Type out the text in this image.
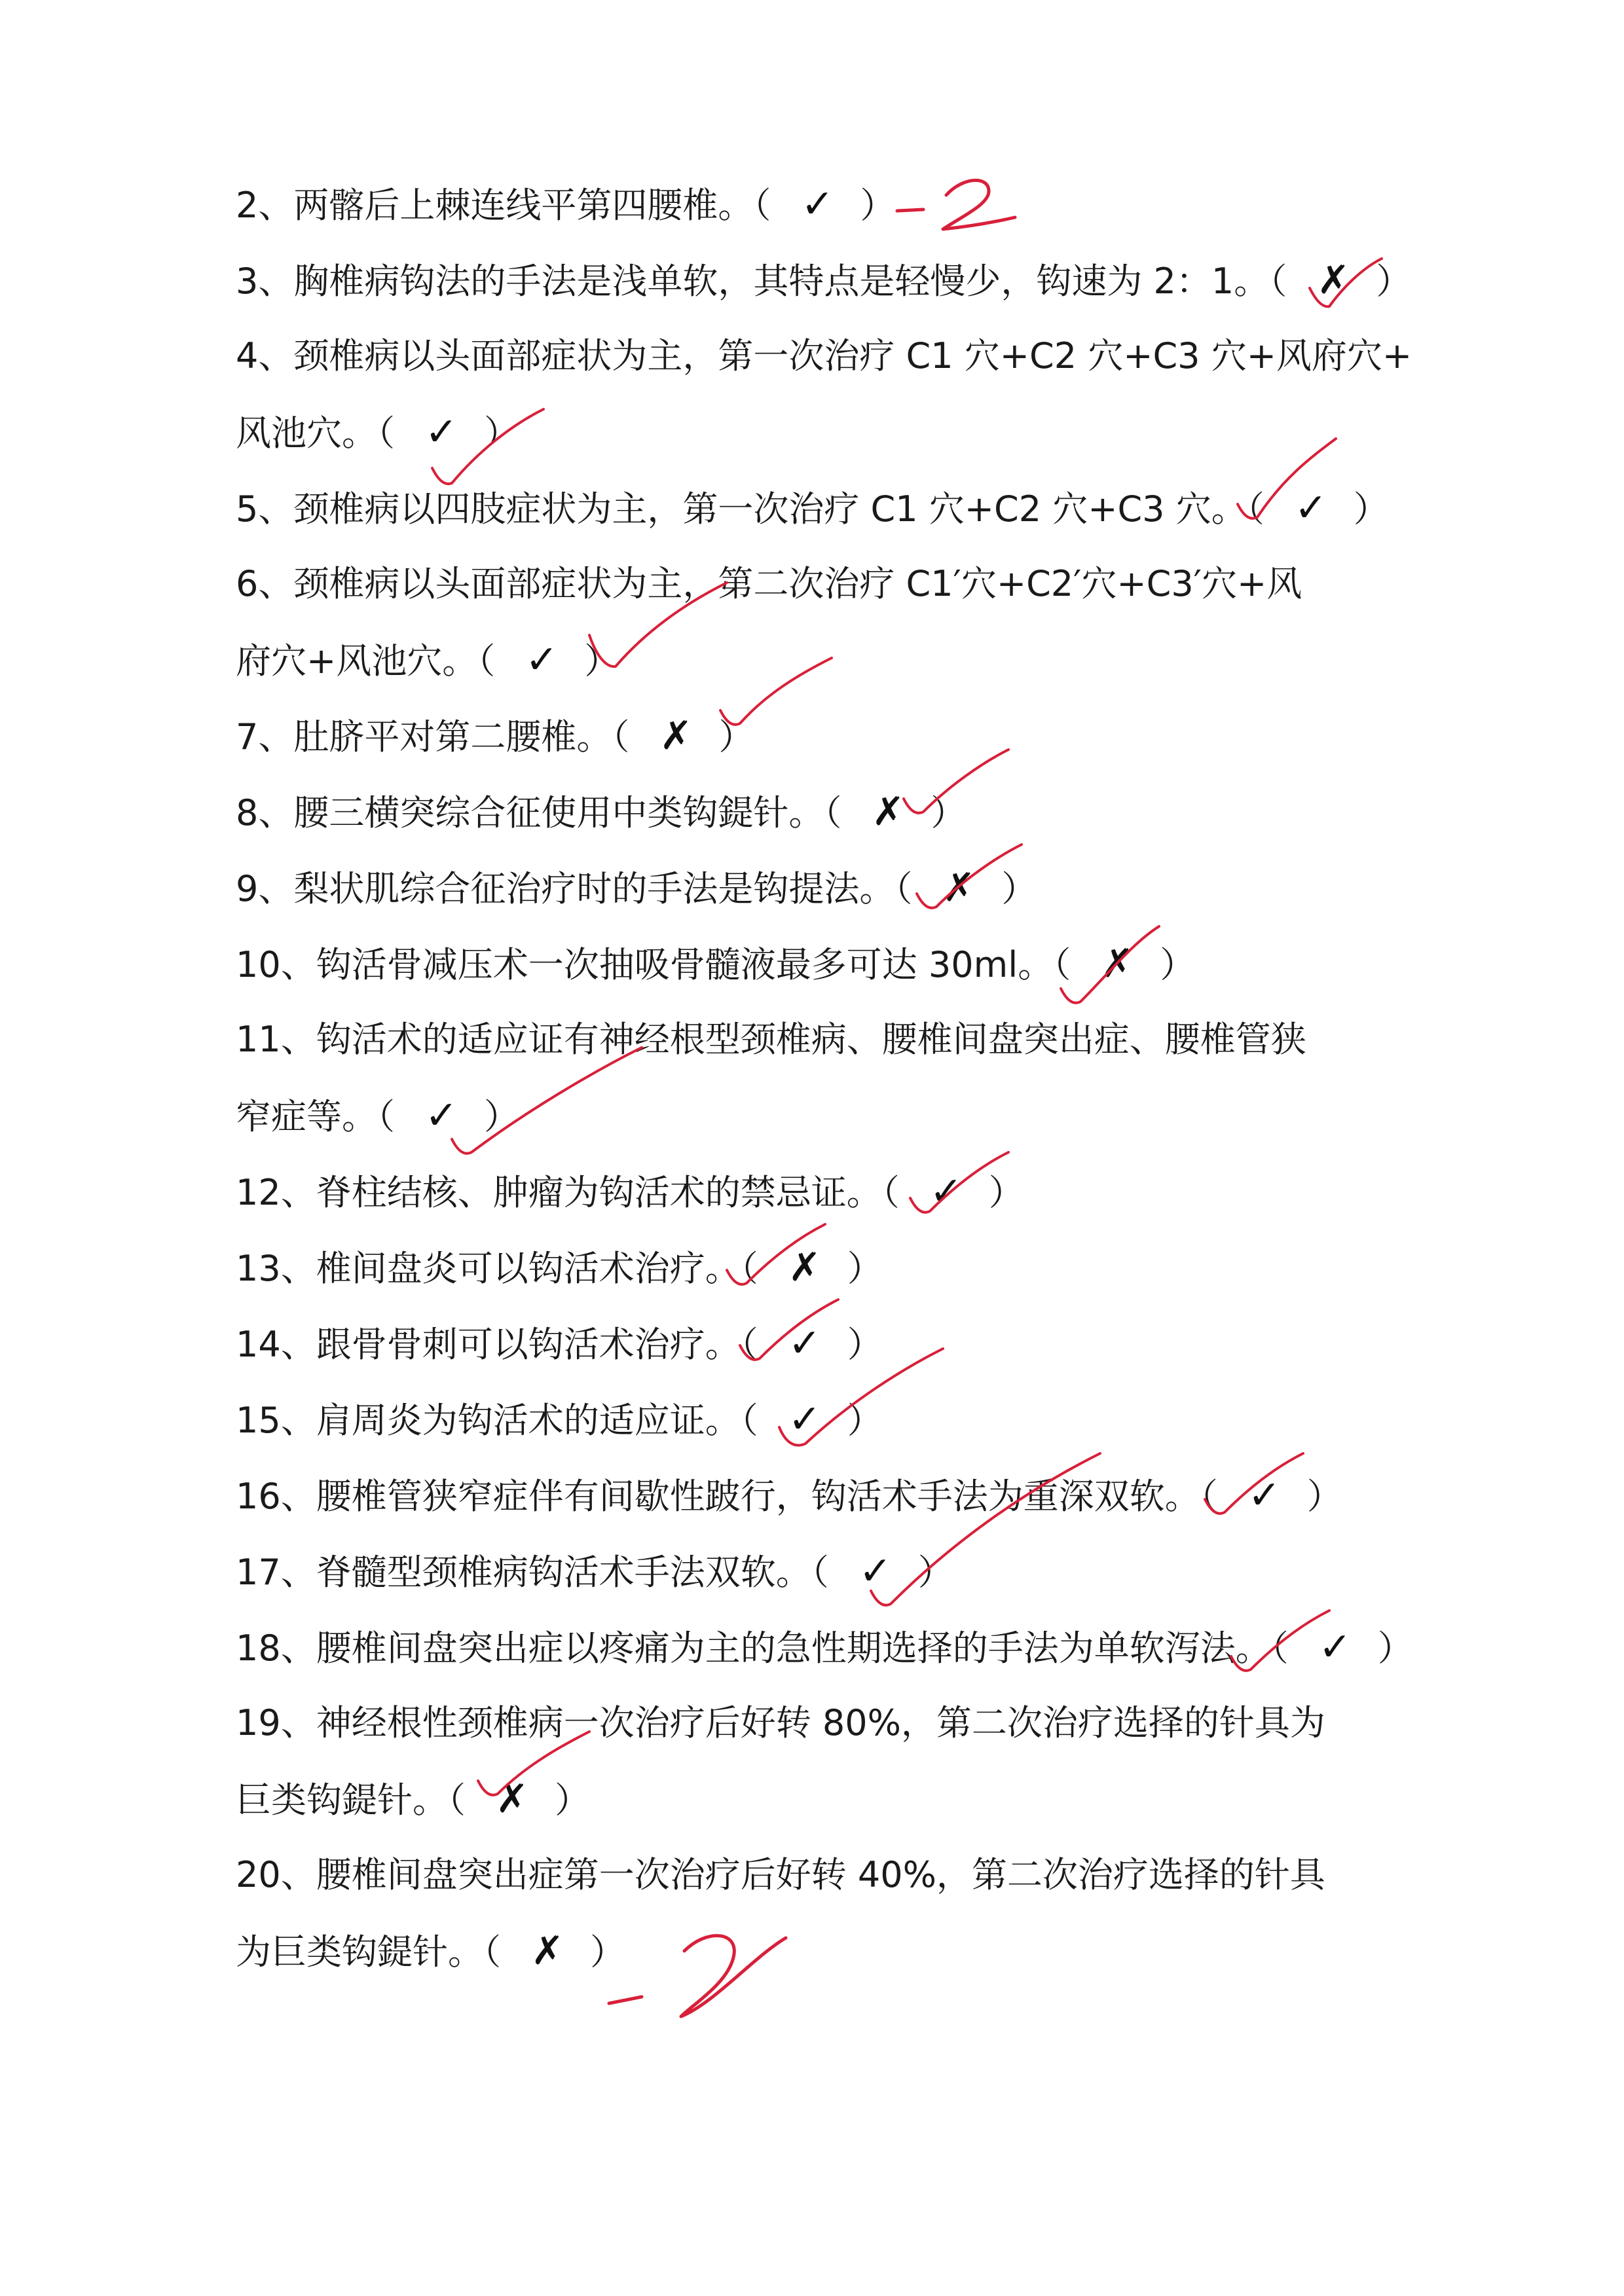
2、两髂后上棘连线平第四腰椎。（ ✓ ）
3、胸椎病钩法的手法是浅单软，其特点是轻慢少，钩速为 2：1。（ ✗ ）
4、颈椎病以头面部症状为主，第一次治疗 C1 穴+C2 穴+C3 穴+风府穴+
风池穴。（ ✓ ）
5、颈椎病以四肢症状为主，第一次治疗 C1 穴+C2 穴+C3 穴。（ ✓ ）
6、颈椎病以头面部症状为主，第二次治疗 C1′穴+C2′穴+C3′穴+风
府穴+风池穴。（ ✓ ）
7、肚脐平对第二腰椎。（ ✗ ）
8、腰三横突综合征使用中类钩鍉针。（ ✗ ）
9、梨状肌综合征治疗时的手法是钩提法。（ ✗ ）
10、钩活骨减压术一次抽吸骨髓液最多可达 30ml。（ ✗ ）
11、钩活术的适应证有神经根型颈椎病、腰椎间盘突出症、腰椎管狭
窄症等。（ ✓ ）
12、脊柱结核、肿瘤为钩活术的禁忌证。（ ✓ ）
13、椎间盘炎可以钩活术治疗。（ ✗ ）
14、跟骨骨刺可以钩活术治疗。（ ✓ ）
15、肩周炎为钩活术的适应证。（ ✓ ）
16、腰椎管狭窄症伴有间歇性跛行，钩活术手法为重深双软。（ ✓ ）
17、脊髓型颈椎病钩活术手法双软。（ ✓ ）
18、腰椎间盘突出症以疼痛为主的急性期选择的手法为单软泻法。（ ✓ ）
19、神经根性颈椎病一次治疗后好转 80%，第二次治疗选择的针具为
巨类钩鍉针。（ ✗ ）
20、腰椎间盘突出症第一次治疗后好转 40%，第二次治疗选择的针具
为巨类钩鍉针。（ ✗ ）
